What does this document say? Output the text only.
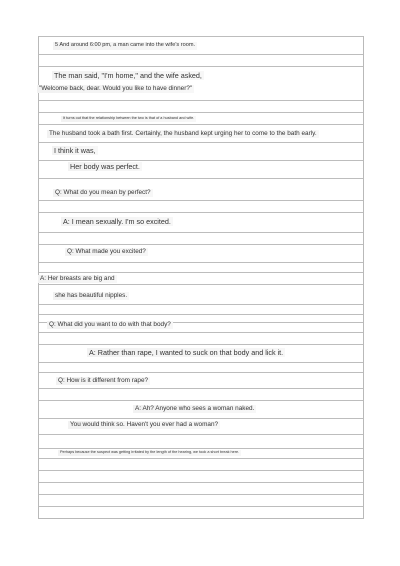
5 And around 6:00 pm, a man came into the wife's room.
The man said, "I'm home," and the wife asked,
"Welcome back, dear. Would you like to have dinner?"
It turns out that the relationship between the two is that of a husband and wife.
The husband took a bath first. Certainly, the husband kept urging her to come to the bath early.
I think it was,
Her body was perfect.
Q: What do you mean by perfect?
A: I mean sexually. I'm so excited.
Q: What made you excited?
A: Her breasts are big and
she has beautiful nipples.
Q: What did you want to do with that body?
A: Rather than rape, I wanted to suck on that body and lick it.
Q: How is it different from rape?
A: Ah? Anyone who sees a woman naked.
You would think so. Haven't you ever had a woman?
Perhaps because the suspect was getting irritated by the length of the hearing, we took a short break here.
